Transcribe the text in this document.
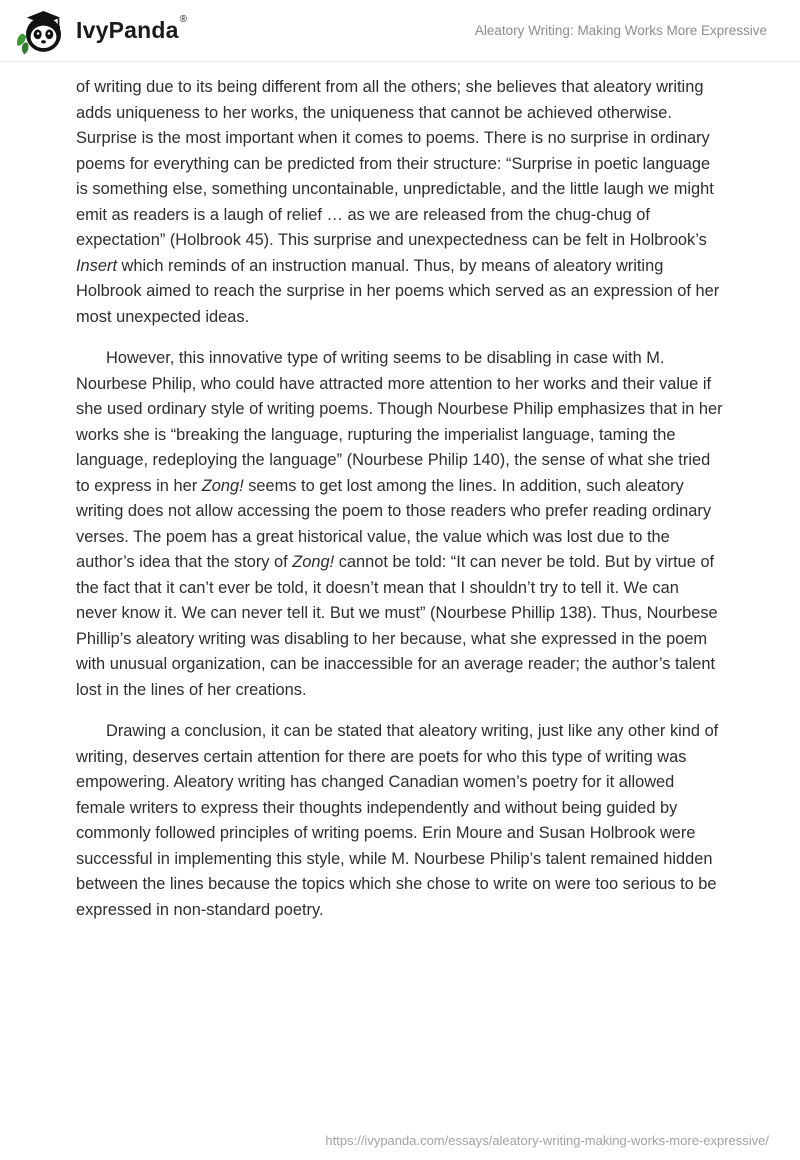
IvyPanda®
Aleatory Writing: Making Works More Expressive

of writing due to its being different from all the others; she believes that aleatory writing adds uniqueness to her works, the uniqueness that cannot be achieved otherwise. Surprise is the most important when it comes to poems. There is no surprise in ordinary poems for everything can be predicted from their structure: “Surprise in poetic language is something else, something uncontainable, unpredictable, and the little laugh we might emit as readers is a laugh of relief … as we are released from the chug-chug of expectation” (Holbrook 45). This surprise and unexpectedness can be felt in Holbrook’s Insert which reminds of an instruction manual. Thus, by means of aleatory writing Holbrook aimed to reach the surprise in her poems which served as an expression of her most unexpected ideas.

However, this innovative type of writing seems to be disabling in case with M. Nourbese Philip, who could have attracted more attention to her works and their value if she used ordinary style of writing poems. Though Nourbese Philip emphasizes that in her works she is “breaking the language, rupturing the imperialist language, taming the language, redeploying the language” (Nourbese Philip 140), the sense of what she tried to express in her Zong! seems to get lost among the lines. In addition, such aleatory writing does not allow accessing the poem to those readers who prefer reading ordinary verses. The poem has a great historical value, the value which was lost due to the author’s idea that the story of Zong! cannot be told: “It can never be told. But by virtue of the fact that it can’t ever be told, it doesn’t mean that I shouldn’t try to tell it. We can never know it. We can never tell it. But we must” (Nourbese Phillip 138). Thus, Nourbese Phillip’s aleatory writing was disabling to her because, what she expressed in the poem with unusual organization, can be inaccessible for an average reader; the author’s talent lost in the lines of her creations.

Drawing a conclusion, it can be stated that aleatory writing, just like any other kind of writing, deserves certain attention for there are poets for who this type of writing was empowering. Aleatory writing has changed Canadian women’s poetry for it allowed female writers to express their thoughts independently and without being guided by commonly followed principles of writing poems. Erin Moure and Susan Holbrook were successful in implementing this style, while M. Nourbese Philip’s talent remained hidden between the lines because the topics which she chose to write on were too serious to be expressed in non-standard poetry.

https://ivypanda.com/essays/aleatory-writing-making-works-more-expressive/
